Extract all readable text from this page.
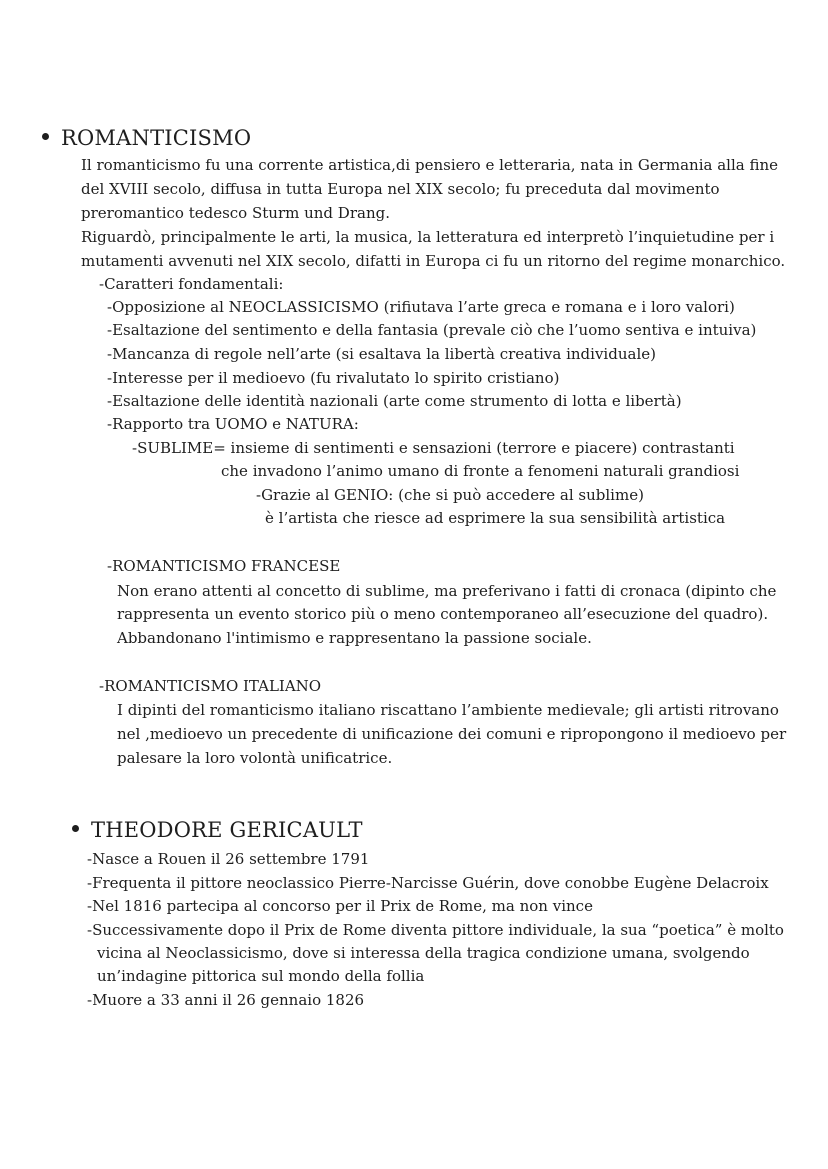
ROMANTICISMO
Il romanticismo fu una corrente artistica,di pensiero e letteraria, nata in Germania alla fine
del XVIII secolo, diffusa in tutta Europa nel XIX secolo; fu preceduta dal movimento
preromantico tedesco Sturm und Drang.
Riguardò, principalmente le arti, la musica, la letteratura ed interpretò l’inquietudine per i
mutamenti avvenuti nel XIX secolo, difatti in Europa ci fu un ritorno del regime monarchico.
-Caratteri fondamentali:
-Opposizione al NEOCLASSICISMO (rifiutava l’arte greca e romana e i loro valori)
-Esaltazione del sentimento e della fantasia (prevale ciò che l’uomo sentiva e intuiva)
-Mancanza di regole nell’arte (si esaltava la libertà creativa individuale)
-Interesse per il medioevo (fu rivalutato lo spirito cristiano)
-Esaltazione delle identità nazionali (arte come strumento di lotta e libertà)
-Rapporto tra UOMO e NATURA:
-SUBLIME= insieme di sentimenti e sensazioni (terrore e piacere) contrastanti
che invadono l’animo umano di fronte a fenomeni naturali grandiosi
-Grazie al GENIO: (che si può accedere al sublime)
è l’artista che riesce ad esprimere la sua sensibilità artistica
-ROMANTICISMO FRANCESE
Non erano attenti al concetto di sublime, ma preferivano i fatti di cronaca (dipinto che
rappresenta un evento storico più o meno contemporaneo all’esecuzione del quadro).
Abbandonano l'intimismo e rappresentano la passione sociale.
-ROMANTICISMO ITALIANO
I dipinti del romanticismo italiano riscattano l’ambiente medievale; gli artisti ritrovano
nel ,medioevo un precedente di unificazione dei comuni e ripropongono il medioevo per
palesare la loro volontà unificatrice.
THEODORE GERICAULT
-Nasce a Rouen il 26 settembre 1791
-Frequenta il pittore neoclassico Pierre-Narcisse Guérin, dove conobbe Eugène Delacroix
-Nel 1816 partecipa al concorso per il Prix de Rome, ma non vince
-Successivamente dopo il Prix de Rome diventa pittore individuale, la sua “poetica” è molto
vicina al Neoclassicismo, dove si interessa della tragica condizione umana, svolgendo
un’indagine pittorica sul mondo della follia
-Muore a 33 anni il 26 gennaio 1826
